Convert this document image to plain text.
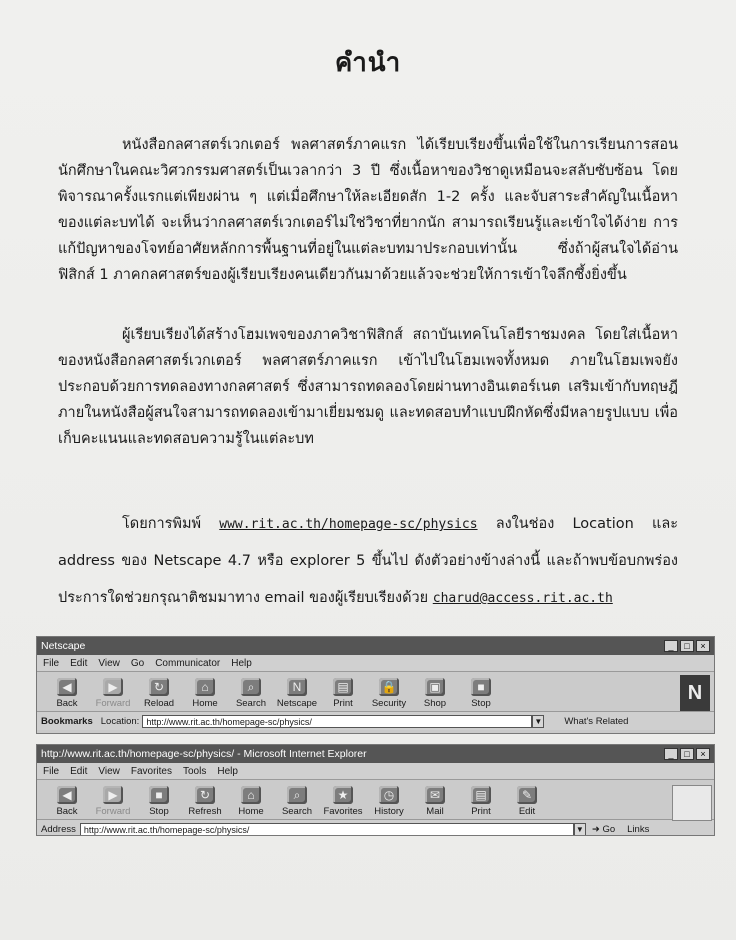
คำนำ
หนังสือกลศาสตร์เวกเตอร์ พลศาสตร์ภาคแรก ได้เรียบเรียงขึ้นเพื่อใช้ในการเรียนการสอนนักศึกษาในคณะวิศวกรรมศาสตร์เป็นเวลากว่า 3 ปี ซึ่งเนื้อหาของวิชาดูเหมือนจะสลับซับซ้อน โดยพิจารณาครั้งแรกแต่เพียงผ่าน ๆ แต่เมื่อศึกษาให้ละเอียดสัก 1-2 ครั้ง และจับสาระสำคัญในเนื้อหาของแต่ละบทได้ จะเห็นว่ากลศาสตร์เวกเตอร์ไม่ใช่วิชาที่ยากนัก สามารถเรียนรู้และเข้าใจได้ง่าย การแก้ปัญหาของโจทย์อาศัยหลักการพื้นฐานที่อยู่ในแต่ละบทมาประกอบเท่านั้น ซึ่งถ้าผู้สนใจได้อ่านฟิสิกส์ 1 ภาคกลศาสตร์ของผู้เรียบเรียงคนเดียวกันมาด้วยแล้วจะช่วยให้การเข้าใจลึกซึ้งยิ่งขึ้น
ผู้เรียบเรียงได้สร้างโฮมเพจของภาควิชาฟิสิกส์ สถาบันเทคโนโลยีราชมงคล โดยใส่เนื้อหาของหนังสือกลศาสตร์เวกเตอร์ พลศาสตร์ภาคแรก เข้าไปในโฮมเพจทั้งหมด ภายในโฮมเพจยังประกอบด้วยการทดลองทางกลศาสตร์ ซึ่งสามารถทดลองโดยผ่านทางอินเตอร์เนต เสริมเข้ากับทฤษฎีภายในหนังสือผู้สนใจสามารถทดลองเข้ามาเยี่ยมชมดู และทดสอบทำแบบฝึกหัดซึ่งมีหลายรูปแบบ เพื่อเก็บคะแนนและทดสอบความรู้ในแต่ละบท
โดยการพิมพ์ www.rit.ac.th/homepage-sc/physics ลงในช่อง Location และ address ของ Netscape 4.7 หรือ explorer 5 ขึ้นไป ดังตัวอย่างข้างล่างนี้ และถ้าพบข้อบกพร่องประการใดช่วยกรุณาติชมมาทาง email ของผู้เรียบเรียงด้วย charud@access.rit.ac.th
Netscape	_	□	×
File Edit View Go Communicator Help
◀
Back
▶
Forward
↻
Reload
⌂
Home
⌕
Search
N
Netscape
▤
Print
🔒
Security
▣
Shop
■
Stop
Bookmarks Location: http://www.rit.ac.th/homepage-sc/physics/	▼ What's Related
N
http://www.rit.ac.th/homepage-sc/physics/ - Microsoft Internet Explorer	_	□	×
File Edit View Favorites Tools Help
◀
Back
▶
Forward
■
Stop
↻
Refresh
⌂
Home
⌕
Search
★
Favorites
◷
History
✉
Mail
▤
Print
✎
Edit
Address http://www.rit.ac.th/homepage-sc/physics/	▼ ➜ Go Links
